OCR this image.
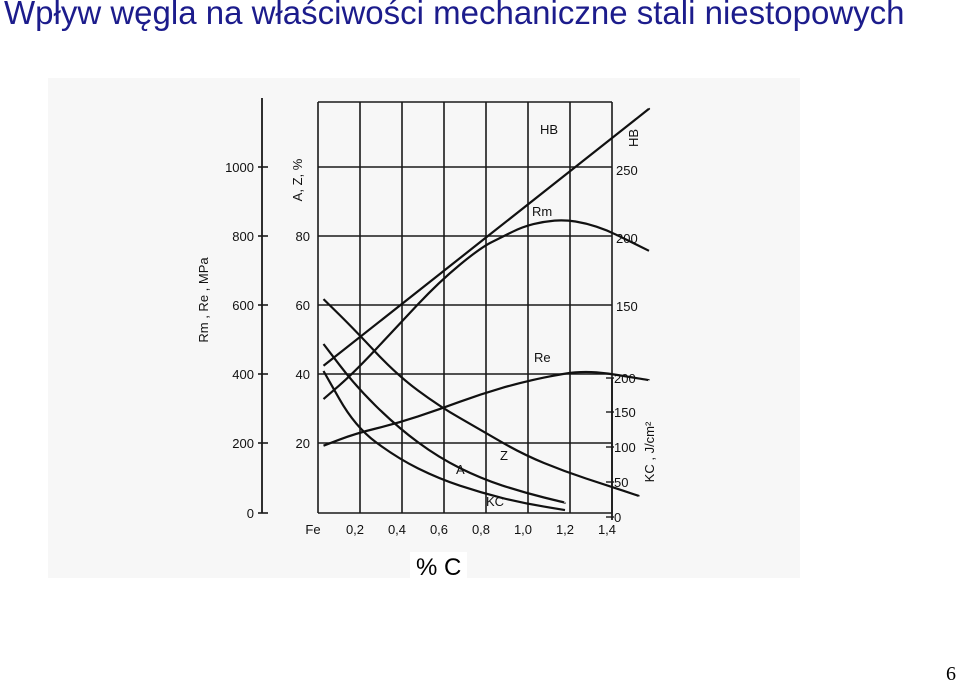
Wpływ węgla na właściwości mechaniczne stali niestopowych
0
200
400
600
800
1000
Rm , Re , MPa
20
40
60
80
A, Z, %
150
200
250
HB
0
50
100
150
200
KC , J/cm²
Fe 0,2 0,4 0,6 0,8 1,0 1,2 1,4
HB
Rm
Re
Z
A
KC
% C
6
